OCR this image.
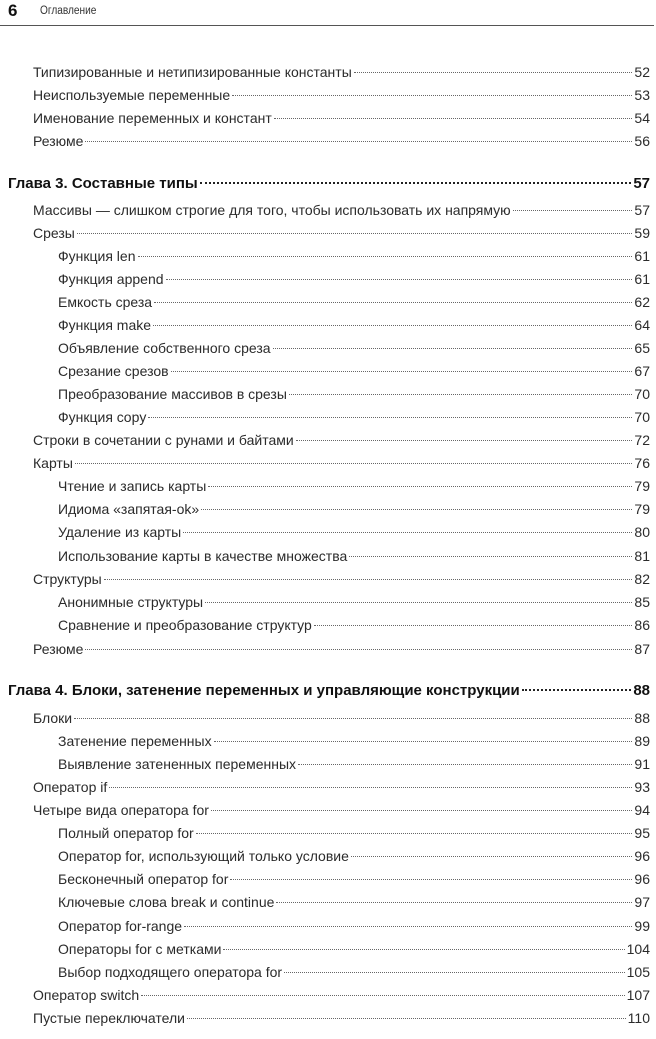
6 Оглавление
Типизированные и нетипизированные константы	52
Неиспользуемые переменные	53
Именование переменных и констант	54
Резюме	56
Глава 3. Составные типы	57
Массивы — слишком строгие для того, чтобы использовать их напрямую	57
Срезы	59
Функция len	61
Функция append	61
Емкость среза	62
Функция make	64
Объявление собственного среза	65
Срезание срезов	67
Преобразование массивов в срезы	70
Функция copy	70
Строки в сочетании с рунами и байтами	72
Карты	76
Чтение и запись карты	79
Идиома «запятая-ok»	79
Удаление из карты	80
Использование карты в качестве множества	81
Структуры	82
Анонимные структуры	85
Сравнение и преобразование структур	86
Резюме	87
Глава 4. Блоки, затенение переменных и управляющие конструкции	88
Блоки	88
Затенение переменных	89
Выявление затененных переменных	91
Оператор if	93
Четыре вида оператора for	94
Полный оператор for	95
Оператор for, использующий только условие	96
Бесконечный оператор for	96
Ключевые слова break и continue	97
Оператор for-range	99
Операторы for с метками	104
Выбор подходящего оператора for	105
Оператор switch	107
Пустые переключатели	110
